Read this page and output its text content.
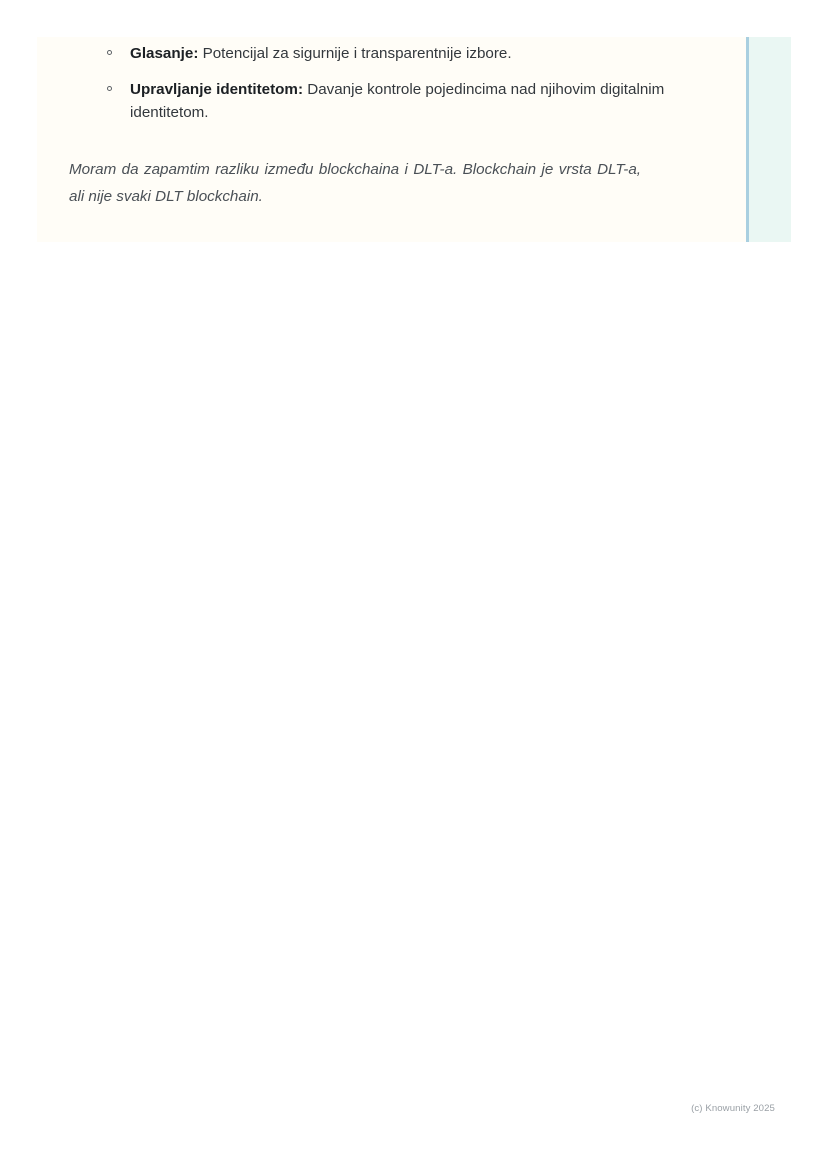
Glasanje: Potencijal za sigurnije i transparentnije izbore.
Upravljanje identitetom: Davanje kontrole pojedincima nad njihovim digitalnim identitetom.

Moram da zapamtim razliku između blockchaina i DLT-a. Blockchain je vrsta DLT-a, ali nije svaki DLT blockchain.

(c) Knowunity 2025
